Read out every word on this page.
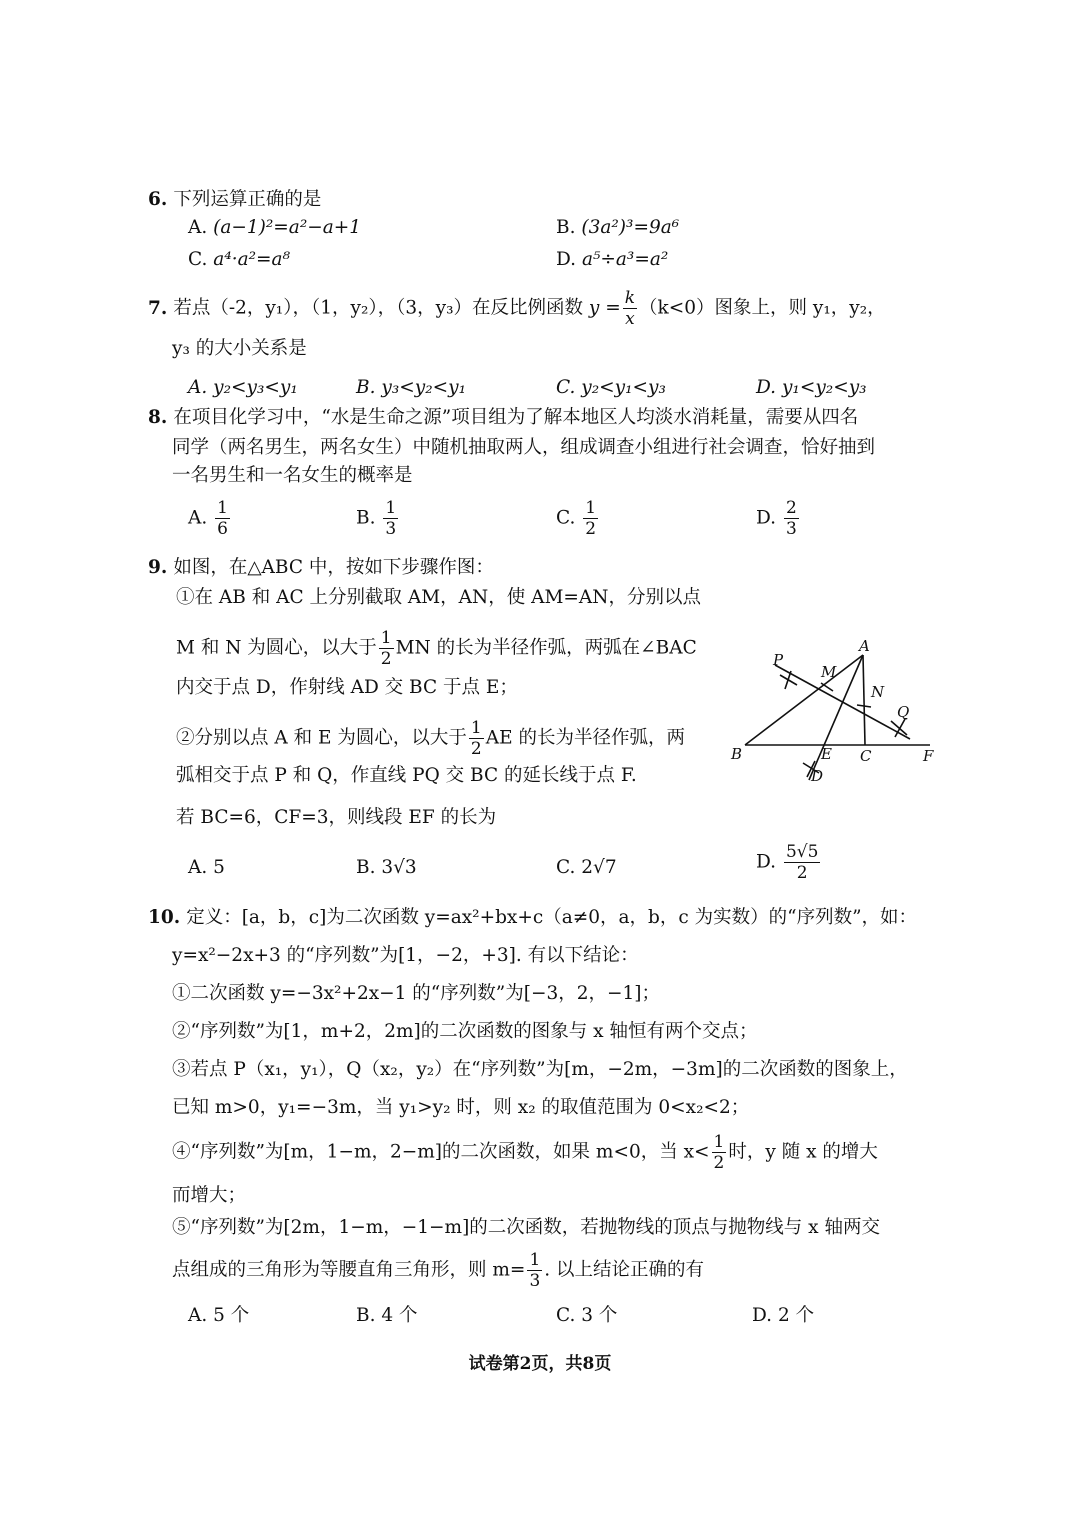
6. 下列运算正确的是
A. (a−1)²=a²−a+1	B. (3a²)³=9a⁶
C. a⁴·a²=a⁸	D. a⁵÷a³=a²
7. 若点（-2，y₁），（1，y₂），（3，y₃）在反比例函数 $y = \frac{k}{x} (k<0)$图象上，则 y₁，y₂，
y₃ 的大小关系是
A. y₂<y₃<y₁	B. y₃<y₂<y₁	C. y₂<y₁<y₃	D. y₁<y₂<y₃
8. 在项目化学习中，“水是生命之源”项目组为了解本地区人均淡水消耗量，需要从四名
同学（两名男生，两名女生）中随机抽取两人，组成调查小组进行社会调查，恰好抽到
一名男生和一名女生的概率是
A. $\frac{1}{6}$	B. $\frac{1}{3}$	C. $\frac{1}{2}$	D. $\frac{2}{3}$
9. 如图，在△ABC 中，按如下步骤作图：
①在 AB 和 AC 上分别截取 AM，AN，使 AM=AN，分别以点
M 和 N 为圆心，以大于 $\frac{1}{2}$ MN 的长为半径作弧，两弧在∠BAC
内交于点 D，作射线 AD 交 BC 于点 E；
②分别以点 A 和 E 为圆心，以大于 $\frac{1}{2}$ AE 的长为半径作弧，两
弧相交于点 P 和 Q，作直线 PQ 交 BC 的延长线于点 F.
若 BC=6，CF=3，则线段 EF 的长为
A. 5	B. 3√3	C. 2√7	D. $\frac{5√5}{2}$
A
B	C
D
E	F
M
N
P
Q
10. 定义：[a，b，c]为二次函数 y=ax²+bx+c（a≠0，a，b，c 为实数）的“序列数”，如：
y=x²−2x+3 的“序列数”为[1，−2，+3]. 有以下结论：
①二次函数 y=−3x²+2x−1 的“序列数”为[−3，2，−1]；
②“序列数”为[1，m+2，2m]的二次函数的图象与 x 轴恒有两个交点；
③若点 P（x₁，y₁），Q（x₂，y₂）在“序列数”为[m，−2m，−3m]的二次函数的图象上，
已知 m>0，y₁=−3m，当 y₁>y₂ 时，则 x₂ 的取值范围为 0<x₂<2；
④“序列数”为[m，1−m，2−m]的二次函数，如果 m<0，当 $x< \frac{1}{2}$ 时，y 随 x 的增大
而增大；
⑤“序列数”为[2m，1−m，−1−m]的二次函数，若抛物线的顶点与抛物线与 x 轴两交
点组成的三角形为等腰直角三角形，则 $m= \frac{1}{3}$ . 以上结论正确的有
A. 5 个	B. 4 个	C. 3 个	D. 2 个
试卷第2页，共8页
